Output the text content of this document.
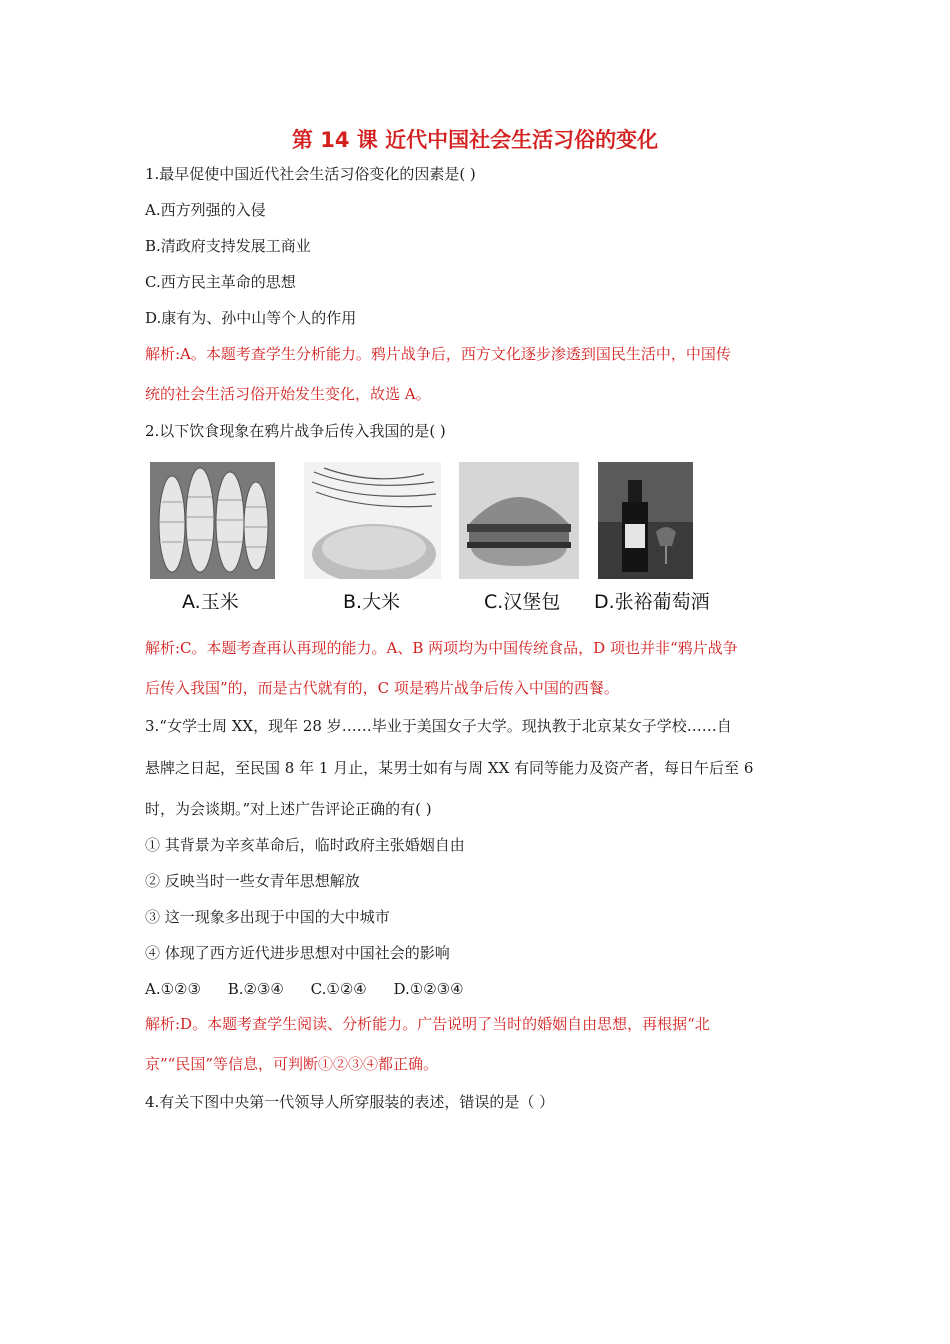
第 14 课 近代中国社会生活习俗的变化
1.最早促使中国近代社会生活习俗变化的因素是( )
A.西方列强的入侵
B.清政府支持发展工商业
C.西方民主革命的思想
D.康有为、孙中山等个人的作用
解析:A。本题考查学生分析能力。鸦片战争后，西方文化逐步渗透到国民生活中，中国传
统的社会生活习俗开始发生变化，故选 A。
2.以下饮食现象在鸦片战争后传入我国的是( )
A.玉米	B.大米	C.汉堡包 D.张裕葡萄酒
解析:C。本题考查再认再现的能力。A、B 两项均为中国传统食品，D 项也并非“鸦片战争
后传入我国”的，而是古代就有的，C 项是鸦片战争后传入中国的西餐。
3.“女学士周 XX，现年 28 岁……毕业于美国女子大学。现执教于北京某女子学校……自
悬牌之日起，至民国 8 年 1 月止，某男士如有与周 XX 有同等能力及资产者，每日午后至 6
时，为会谈期。”对上述广告评论正确的有( )
① 其背景为辛亥革命后，临时政府主张婚姻自由
② 反映当时一些女青年思想解放
③ 这一现象多出现于中国的大中城市
④ 体现了西方近代进步思想对中国社会的影响
A.①②③ B.②③④ C.①②④ D.①②③④
解析:D。本题考查学生阅读、分析能力。广告说明了当时的婚姻自由思想，再根据“北
京”“民国”等信息，可判断①②③④都正确。
4.有关下图中央第一代领导人所穿服装的表述，错误的是（ ）
